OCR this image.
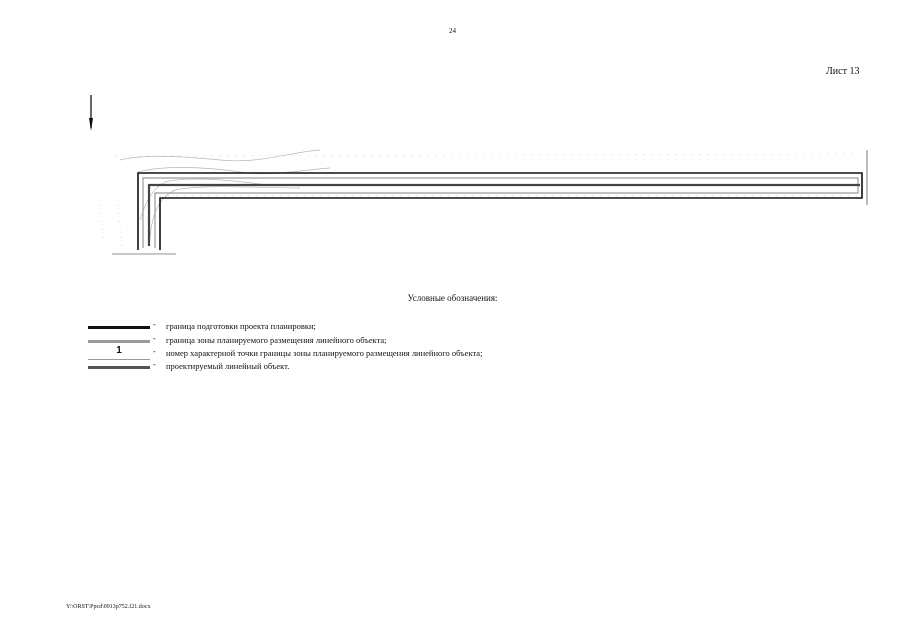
24
Лист 13
Условные обозначения:
- граница подготовки проекта планировки;
- граница зоны планируемого размещения линейного объекта;
1	- номер характерной точки границы зоны планируемого размещения линейного объекта;
- проектируемый линейный объект.
Y:\ORST\Ppcd\0913p752.f21.docx
